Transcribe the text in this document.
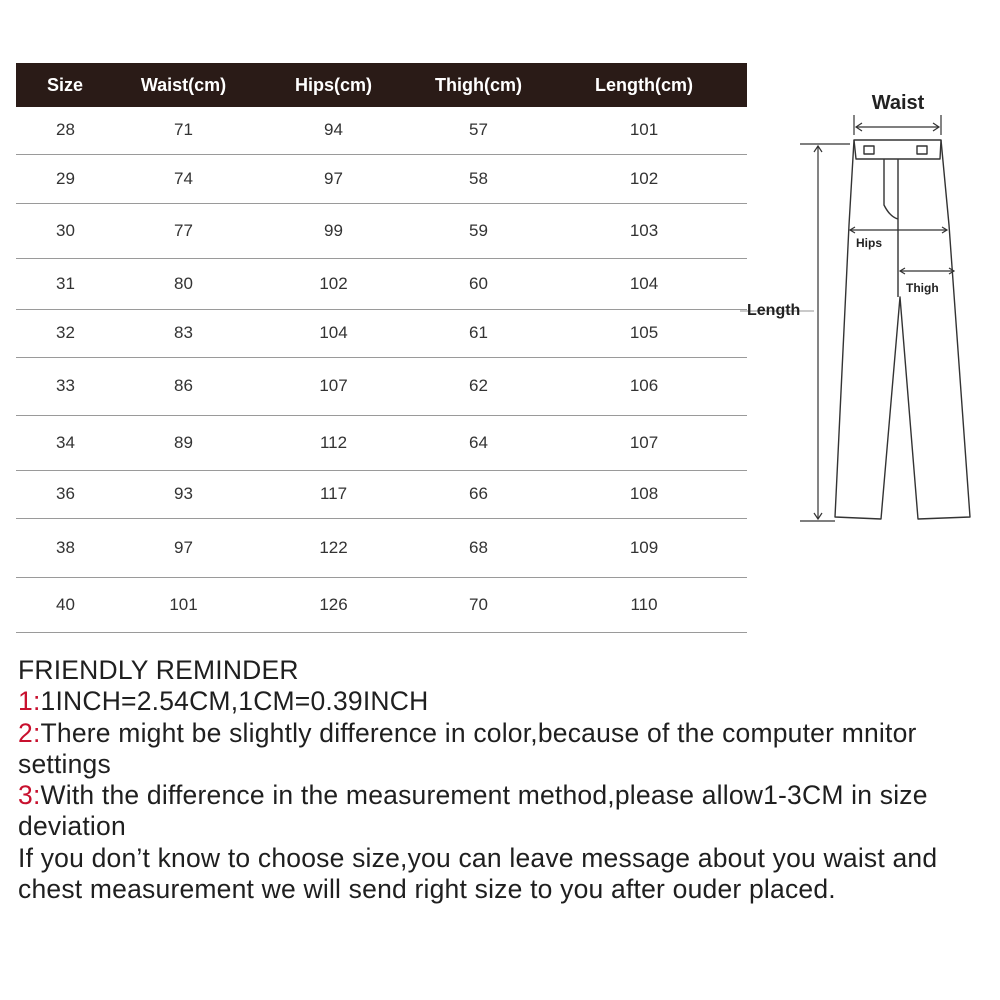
Size	Waist(cm)	Hips(cm)	Thigh(cm)	Length(cm)
28	71	94	57	101
29	74	97	58	102
30	77	99	59	103
31	80	102	60	104
32	83	104	61	105
33	86	107	62	106
34	89	112	64	107
36	93	117	66	108
38	97	122	68	109
40	101	126	70	110
Waist
Length
Hips
Thigh

FRIENDLY REMINDER

1:1INCH=2.54CM,1CM=0.39INCH

2:There might be slightly difference in color,because of the computer mnitor settings

3:With the difference in the measurement method,please allow1-3CM in size deviation

If you don’t know to choose size,you can leave message about you waist and chest measurement we will send right size to you after ouder placed.
